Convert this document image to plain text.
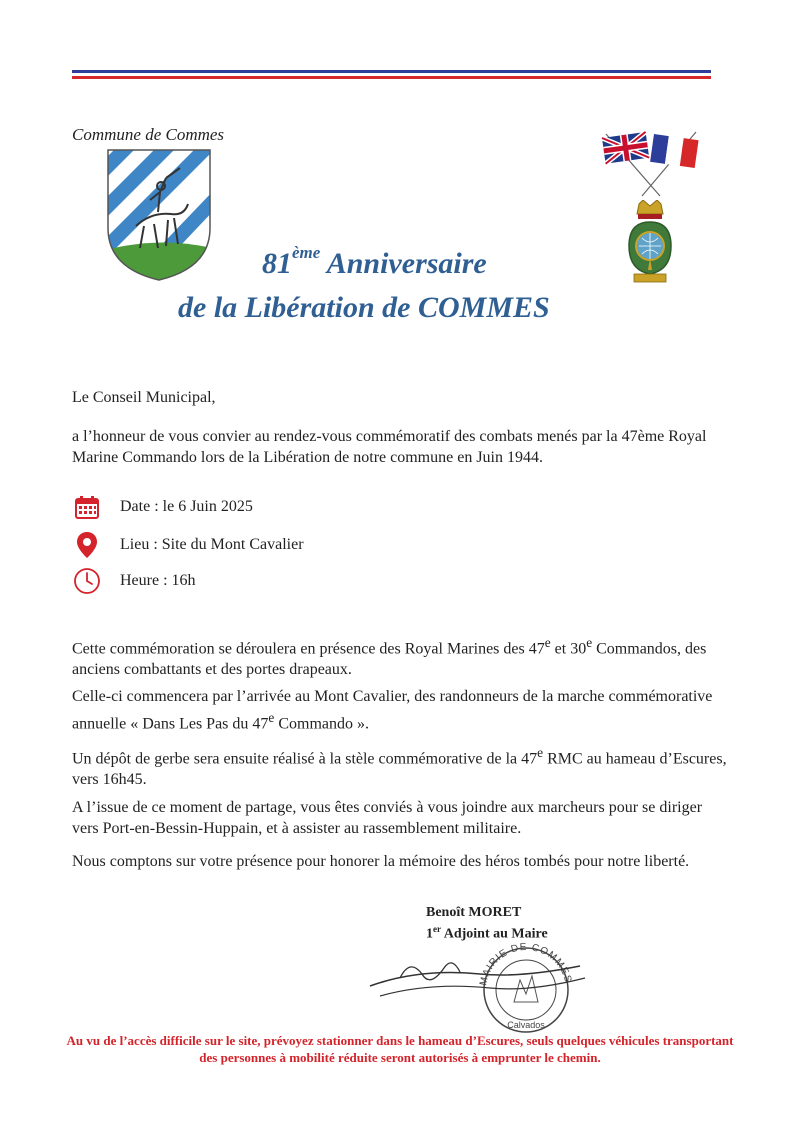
Commune de Commes
81ème Anniversaire
de la Libération de COMMES
Le Conseil Municipal,
a l’honneur de vous convier au rendez-vous commémoratif des combats menés par la 47ème Royal Marine Commando lors de la Libération de notre commune en Juin 1944.
Date : le 6 Juin 2025
Lieu : Site du Mont Cavalier
Heure : 16h
Cette commémoration se déroulera en présence des Royal Marines des 47e et 30e Commandos, des anciens combattants et des portes drapeaux.
Celle-ci commencera par l’arrivée au Mont Cavalier, des randonneurs de la marche commémorative annuelle « Dans Les Pas du 47e Commando ».
Un dépôt de gerbe sera ensuite réalisé à la stèle commémorative de la 47e RMC au hameau d’Escures, vers 16h45.
A l’issue de ce moment de partage, vous êtes conviés à vous joindre aux marcheurs pour se diriger vers Port-en-Bessin-Huppain, et à assister au rassemblement militaire.
Nous comptons sur votre présence pour honorer la mémoire des héros tombés pour notre liberté.
Benoît MORET
1er Adjoint au Maire
MAIRIE DE COMMES
Calvados
Au vu de l’accès difficile sur le site, prévoyez stationner dans le hameau d’Escures, seuls quelques véhicules transportant des personnes à mobilité réduite seront autorisés à emprunter le chemin.
